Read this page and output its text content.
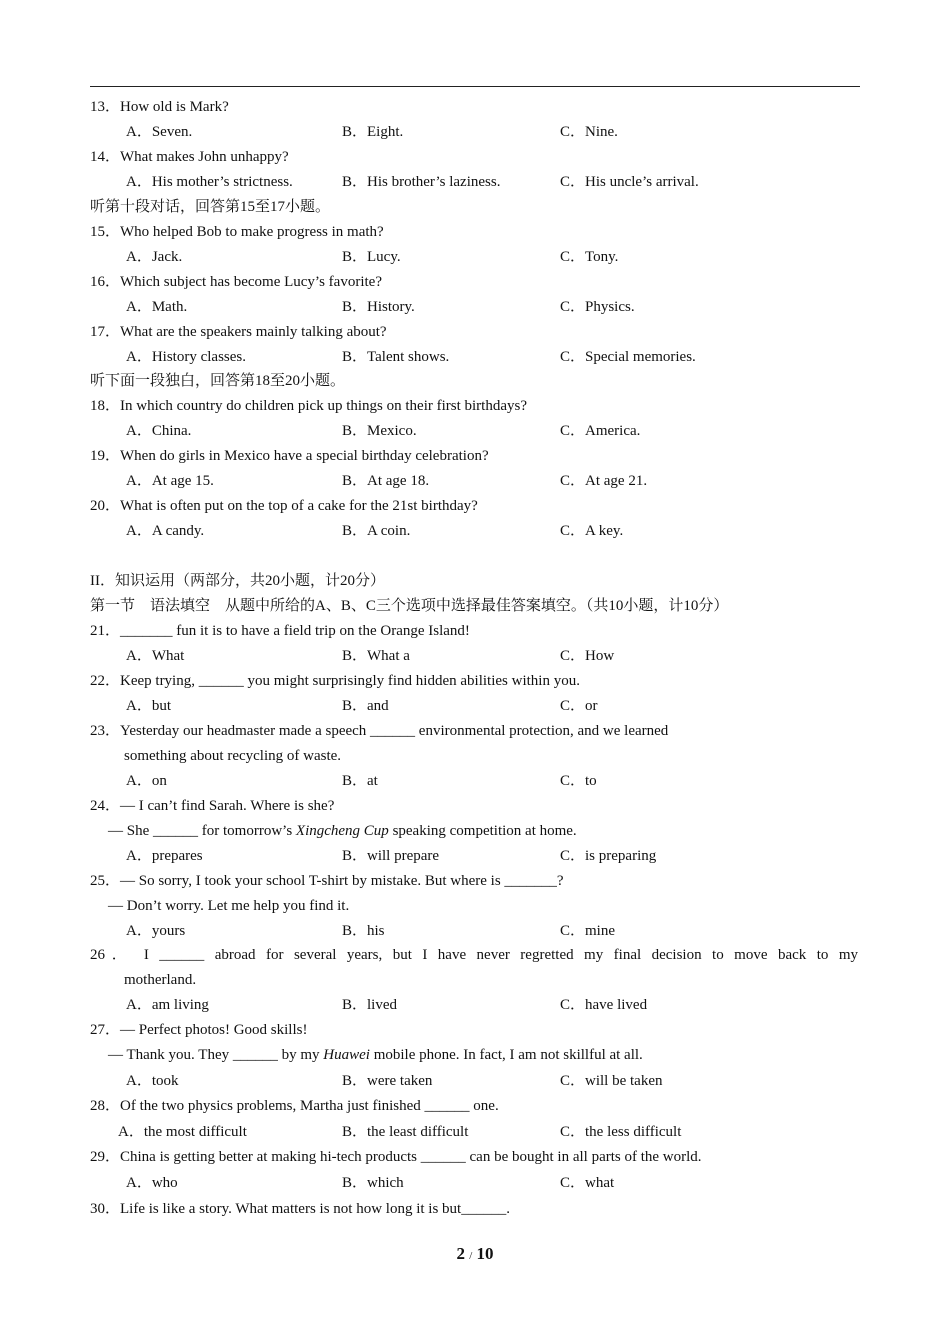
13．How old is Mark?
A．Seven.	B．Eight.	C．Nine.
14．What makes John unhappy?
A．His mother’s strictness.	B．His brother’s laziness.	C．His uncle’s arrival.
听第十段对话，回答第15至17小题。
15．Who helped Bob to make progress in math?
A．Jack.	B．Lucy.	C．Tony.
16．Which subject has become Lucy’s favorite?
A．Math.	B．History.	C．Physics.
17．What are the speakers mainly talking about?
A．History classes.	B．Talent shows.	C．Special memories.
听下面一段独白，回答第18至20小题。
18．In which country do children pick up things on their first birthdays?
A．China.	B．Mexico.	C．America.
19．When do girls in Mexico have a special birthday celebration?
A．At age 15.	B．At age 18.	C．At age 21.
20．What is often put on the top of a cake for the 21st birthday?
A．A candy.	B．A coin.	C．A key.
II．知识运用（两部分，共20小题，计20分）
第一节　语法填空　从题中所给的A、B、C三个选项中选择最佳答案填空。（共10小题，计10分）
21．_______ fun it is to have a field trip on the Orange Island!
A．What	B．What a	C．How
22．Keep trying, ______ you might surprisingly find hidden abilities within you.
A．but	B．and	C．or
23．Yesterday our headmaster made a speech ______ environmental protection, and we learned
something about recycling of waste.
A．on	B．at	C．to
24．— I can’t find Sarah. Where is she?
— She ______ for tomorrow’s Xingcheng Cup speaking competition at home.
A．prepares	B．will prepare	C．is preparing
25．— So sorry, I took your school T-shirt by mistake. But where is _______?
— Don’t worry. Let me help you find it.
A．yours	B．his	C．mine
26． I ______ abroad for several years, but I have never regretted my final decision to move back to my
motherland.
A．am living	B．lived	C．have lived
27．— Perfect photos! Good skills!
— Thank you. They ______ by my Huawei mobile phone. In fact, I am not skillful at all.
A．took	B．were taken	C．will be taken
28．Of the two physics problems, Martha just finished ______ one.
A．the most difficult	B．the least difficult	C．the less difficult
29．China is getting better at making hi-tech products ______ can be bought in all parts of the world.
A．who	B．which	C．what
30．Life is like a story. What matters is not how long it is but______.
2 / 10
